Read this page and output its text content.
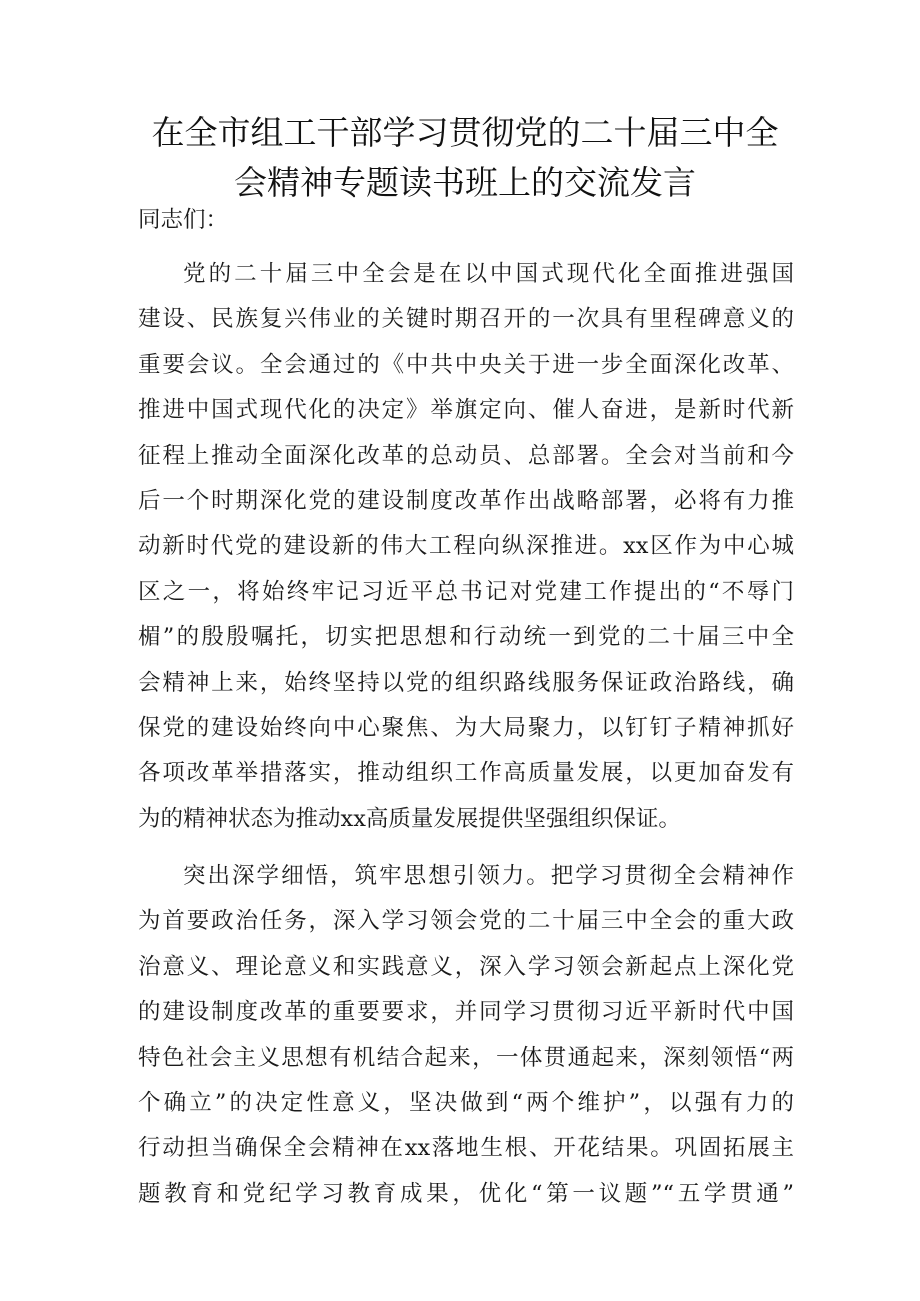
在全市组工干部学习贯彻党的二十届三中全
会精神专题读书班上的交流发言

同志们：

党的二十届三中全会是在以中国式现代化全面推进强国
建设、民族复兴伟业的关键时期召开的一次具有里程碑意义的
重要会议。全会通过的《中共中央关于进一步全面深化改革、
推进中国式现代化的决定》举旗定向、催人奋进，是新时代新
征程上推动全面深化改革的总动员、总部署。全会对当前和今
后一个时期深化党的建设制度改革作出战略部署，必将有力推
动新时代党的建设新的伟大工程向纵深推进。xx区作为中心城
区之一，将始终牢记习近平总书记对党建工作提出的“不辱门
楣”的殷殷嘱托，切实把思想和行动统一到党的二十届三中全
会精神上来，始终坚持以党的组织路线服务保证政治路线，确
保党的建设始终向中心聚焦、为大局聚力，以钉钉子精神抓好
各项改革举措落实，推动组织工作高质量发展，以更加奋发有
为的精神状态为推动xx高质量发展提供坚强组织保证。

突出深学细悟，筑牢思想引领力。把学习贯彻全会精神作
为首要政治任务，深入学习领会党的二十届三中全会的重大政
治意义、理论意义和实践意义，深入学习领会新起点上深化党
的建设制度改革的重要要求，并同学习贯彻习近平新时代中国
特色社会主义思想有机结合起来，一体贯通起来，深刻领悟“两
个确立”的决定性意义，坚决做到“两个维护”，以强有力的
行动担当确保全会精神在xx落地生根、开花结果。巩固拓展主
题教育和党纪学习教育成果，优化“第一议题”“五学贯通”
